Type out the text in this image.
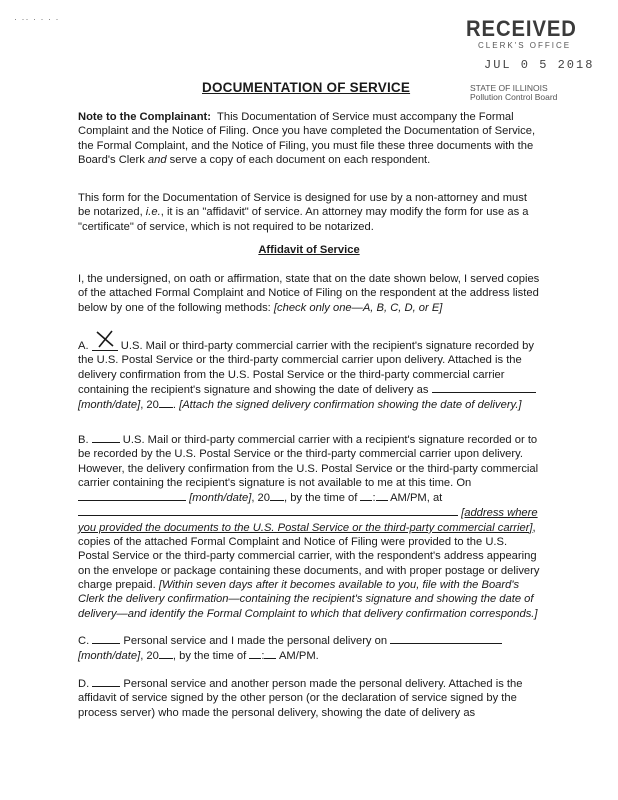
· ·· · · · ·	RECEIVED
CLERK'S OFFICE
JUL 0 5 2018
STATE OF ILLINOIS
Pollution Control Board
DOCUMENTATION OF SERVICE
Note to the Complainant: This Documentation of Service must accompany the Formal Complaint and the Notice of Filing. Once you have completed the Documentation of Service, the Formal Complaint, and the Notice of Filing, you must file these three documents with the Board's Clerk and serve a copy of each document on each respondent.
This form for the Documentation of Service is designed for use by a non-attorney and must be notarized, i.e., it is an "affidavit" of service. An attorney may modify the form for use as a "certificate" of service, which is not required to be notarized.
Affidavit of Service
I, the undersigned, on oath or affirmation, state that on the date shown below, I served copies of the attached Formal Complaint and Notice of Filing on the respondent at the address listed below by one of the following methods: [check only one—A, B, C, D, or E]
A.	U.S. Mail or third-party commercial carrier with the recipient's signature recorded by the U.S. Postal Service or the third-party commercial carrier upon delivery. Attached is the delivery confirmation from the U.S. Postal Service or the third-party commercial carrier containing the recipient's signature and showing the date of delivery as  [month/date], 20 . [Attach the signed delivery confirmation showing the date of delivery.]
B.	U.S. Mail or third-party commercial carrier with a recipient's signature recorded or to be recorded by the U.S. Postal Service or the third-party commercial carrier upon delivery. However, the delivery confirmation from the U.S. Postal Service or the third-party commercial carrier containing the recipient's signature is not available to me at this time. On  [month/date], 20 , by the time of : AM/PM, at  [address where you provided the documents to the U.S. Postal Service or the third-party commercial carrier], copies of the attached Formal Complaint and Notice of Filing were provided to the U.S. Postal Service or the third-party commercial carrier, with the respondent's address appearing on the envelope or package containing these documents, and with proper postage or delivery charge prepaid. [Within seven days after it becomes available to you, file with the Board's Clerk the delivery confirmation—containing the recipient's signature and showing the date of delivery—and identify the Formal Complaint to which that delivery confirmation corresponds.]
C.	Personal service and I made the personal delivery on  [month/date], 20 , by the time of : AM/PM.
D.	Personal service and another person made the personal delivery. Attached is the affidavit of service signed by the other person (or the declaration of service signed by the process server) who made the personal delivery, showing the date of delivery as
